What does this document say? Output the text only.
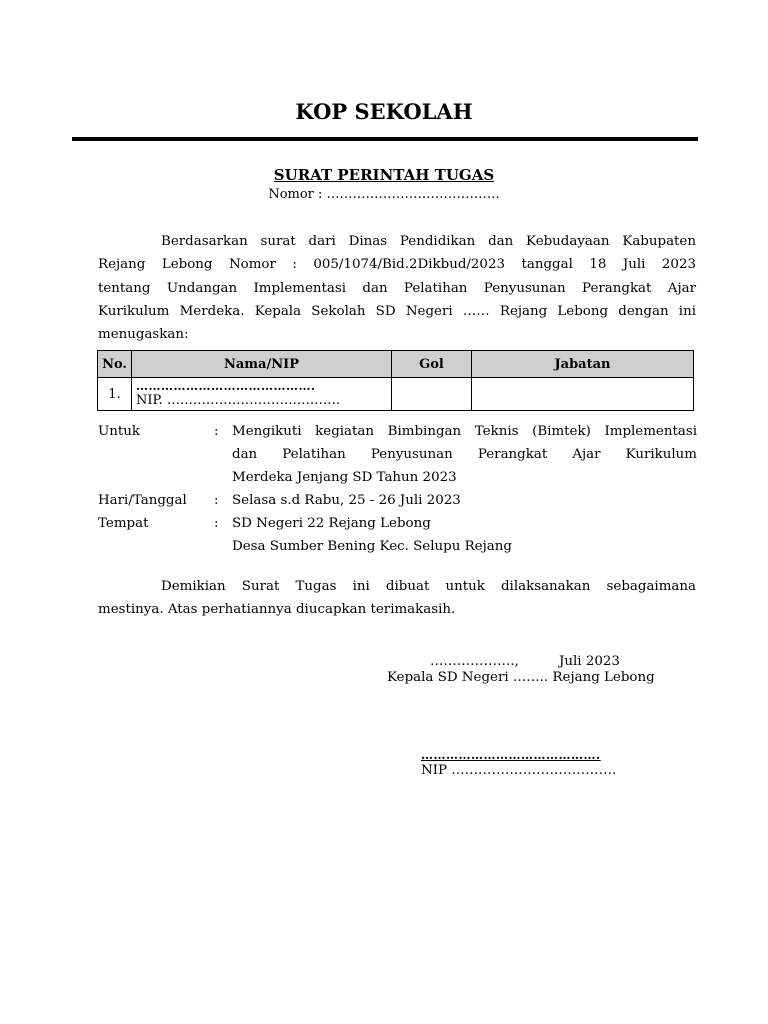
KOP SEKOLAH
SURAT PERINTAH TUGAS
Nomor : ………………………………….
Berdasarkan surat dari Dinas Pendidikan dan Kebudayaan Kabupaten
Rejang Lebong Nomor : 005/1074/Bid.2Dikbud/2023 tanggal 18 Juli 2023
tentang Undangan Implementasi dan Pelatihan Penyusunan Perangkat Ajar
Kurikulum Merdeka. Kepala Sekolah SD Negeri …… Rejang Lebong dengan ini
menugaskan:
No.	Nama/NIP	Gol	Jabatan
1.	…………………………………….
NIP. ………………………………….		

Untuk	: Mengikuti kegiatan Bimbingan Teknis (Bimtek) Implementasi
dan Pelatihan Penyusunan Perangkat Ajar Kurikulum
Merdeka Jenjang SD Tahun 2023
Hari/Tanggal : Selasa s.d Rabu, 25 - 26 Juli 2023
Tempat	: SD Negeri 22 Rejang Lebong
Desa Sumber Bening Kec. Selupu Rejang
Demikian Surat Tugas ini dibuat untuk dilaksanakan sebagaimana
mestinya. Atas perhatiannya diucapkan terimakasih.
……………….,	Juli 2023
Kepala SD Negeri …….. Rejang Lebong
…………………………………….
NIP ……………………………….
